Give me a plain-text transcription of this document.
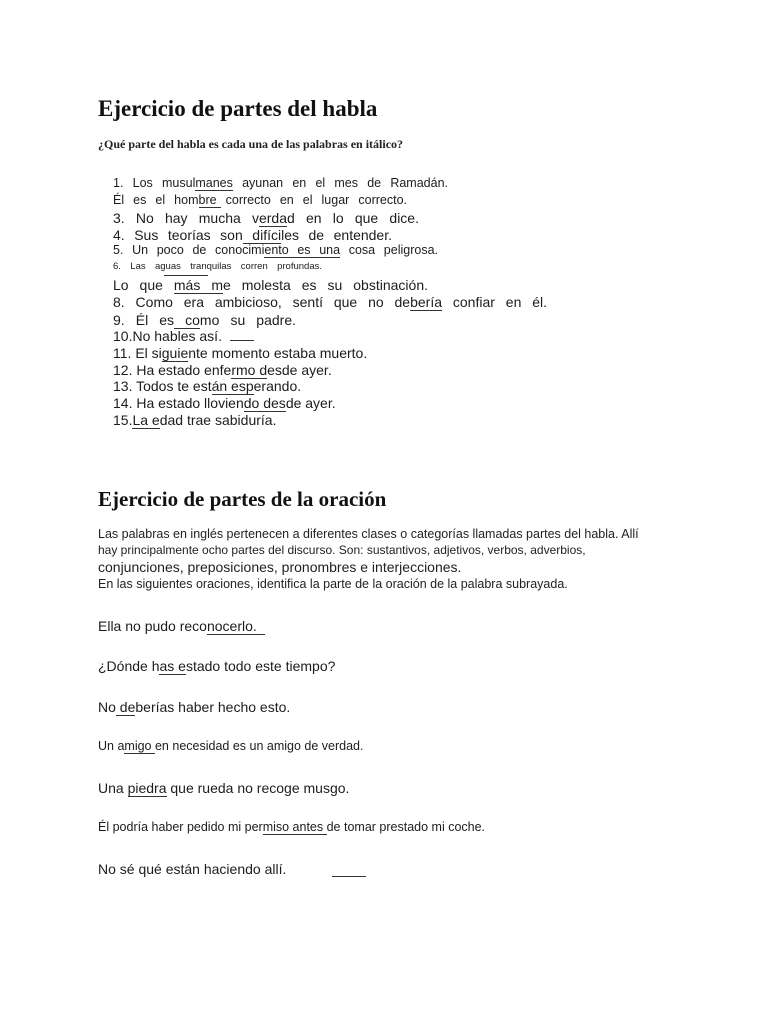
Ejercicio de partes del habla
¿Qué parte del habla es cada una de las palabras en itálico?
1.  Los  musulmanes  ayunan  en  el  mes  de  Ramadán.
Él  es  el  hombre  correcto  en  el  lugar  correcto.
3.  No  hay  mucha  verdad  en  lo  que  dice.
4.  Sus  teorías  son  difíciles  de  entender.
5.  Un  poco  de  conocimiento  es  una  cosa  peligrosa.
6.  Las  aguas  tranquilas  corren  profundas.
Lo  que  más  me  molesta  es  su  obstinación.
8.  Como  era  ambicioso,  sentí  que  no  debería  confiar  en  él.
9.  Él  es  como  su  padre.
10.No hables así.
11. El siguiente momento estaba muerto.
12. Ha estado enfermo desde ayer.
13. Todos te están esperando.
14. Ha estado lloviendo desde ayer.
15.La edad trae sabiduría.
Ejercicio de partes de la oración
Las palabras en inglés pertenecen a diferentes clases o categorías llamadas partes del habla. Allí
hay principalmente ocho partes del discurso. Son: sustantivos, adjetivos, verbos, adverbios,
conjunciones, preposiciones, pronombres e interjecciones.
En las siguientes oraciones, identifica la parte de la oración de la palabra subrayada.
Ella no pudo reconocerlo.
¿Dónde has estado todo este tiempo?
No deberías haber hecho esto.
Un amigo en necesidad es un amigo de verdad.
Una piedra que rueda no recoge musgo.
Él podría haber pedido mi permiso antes de tomar prestado mi coche.
No sé qué están haciendo allí.
